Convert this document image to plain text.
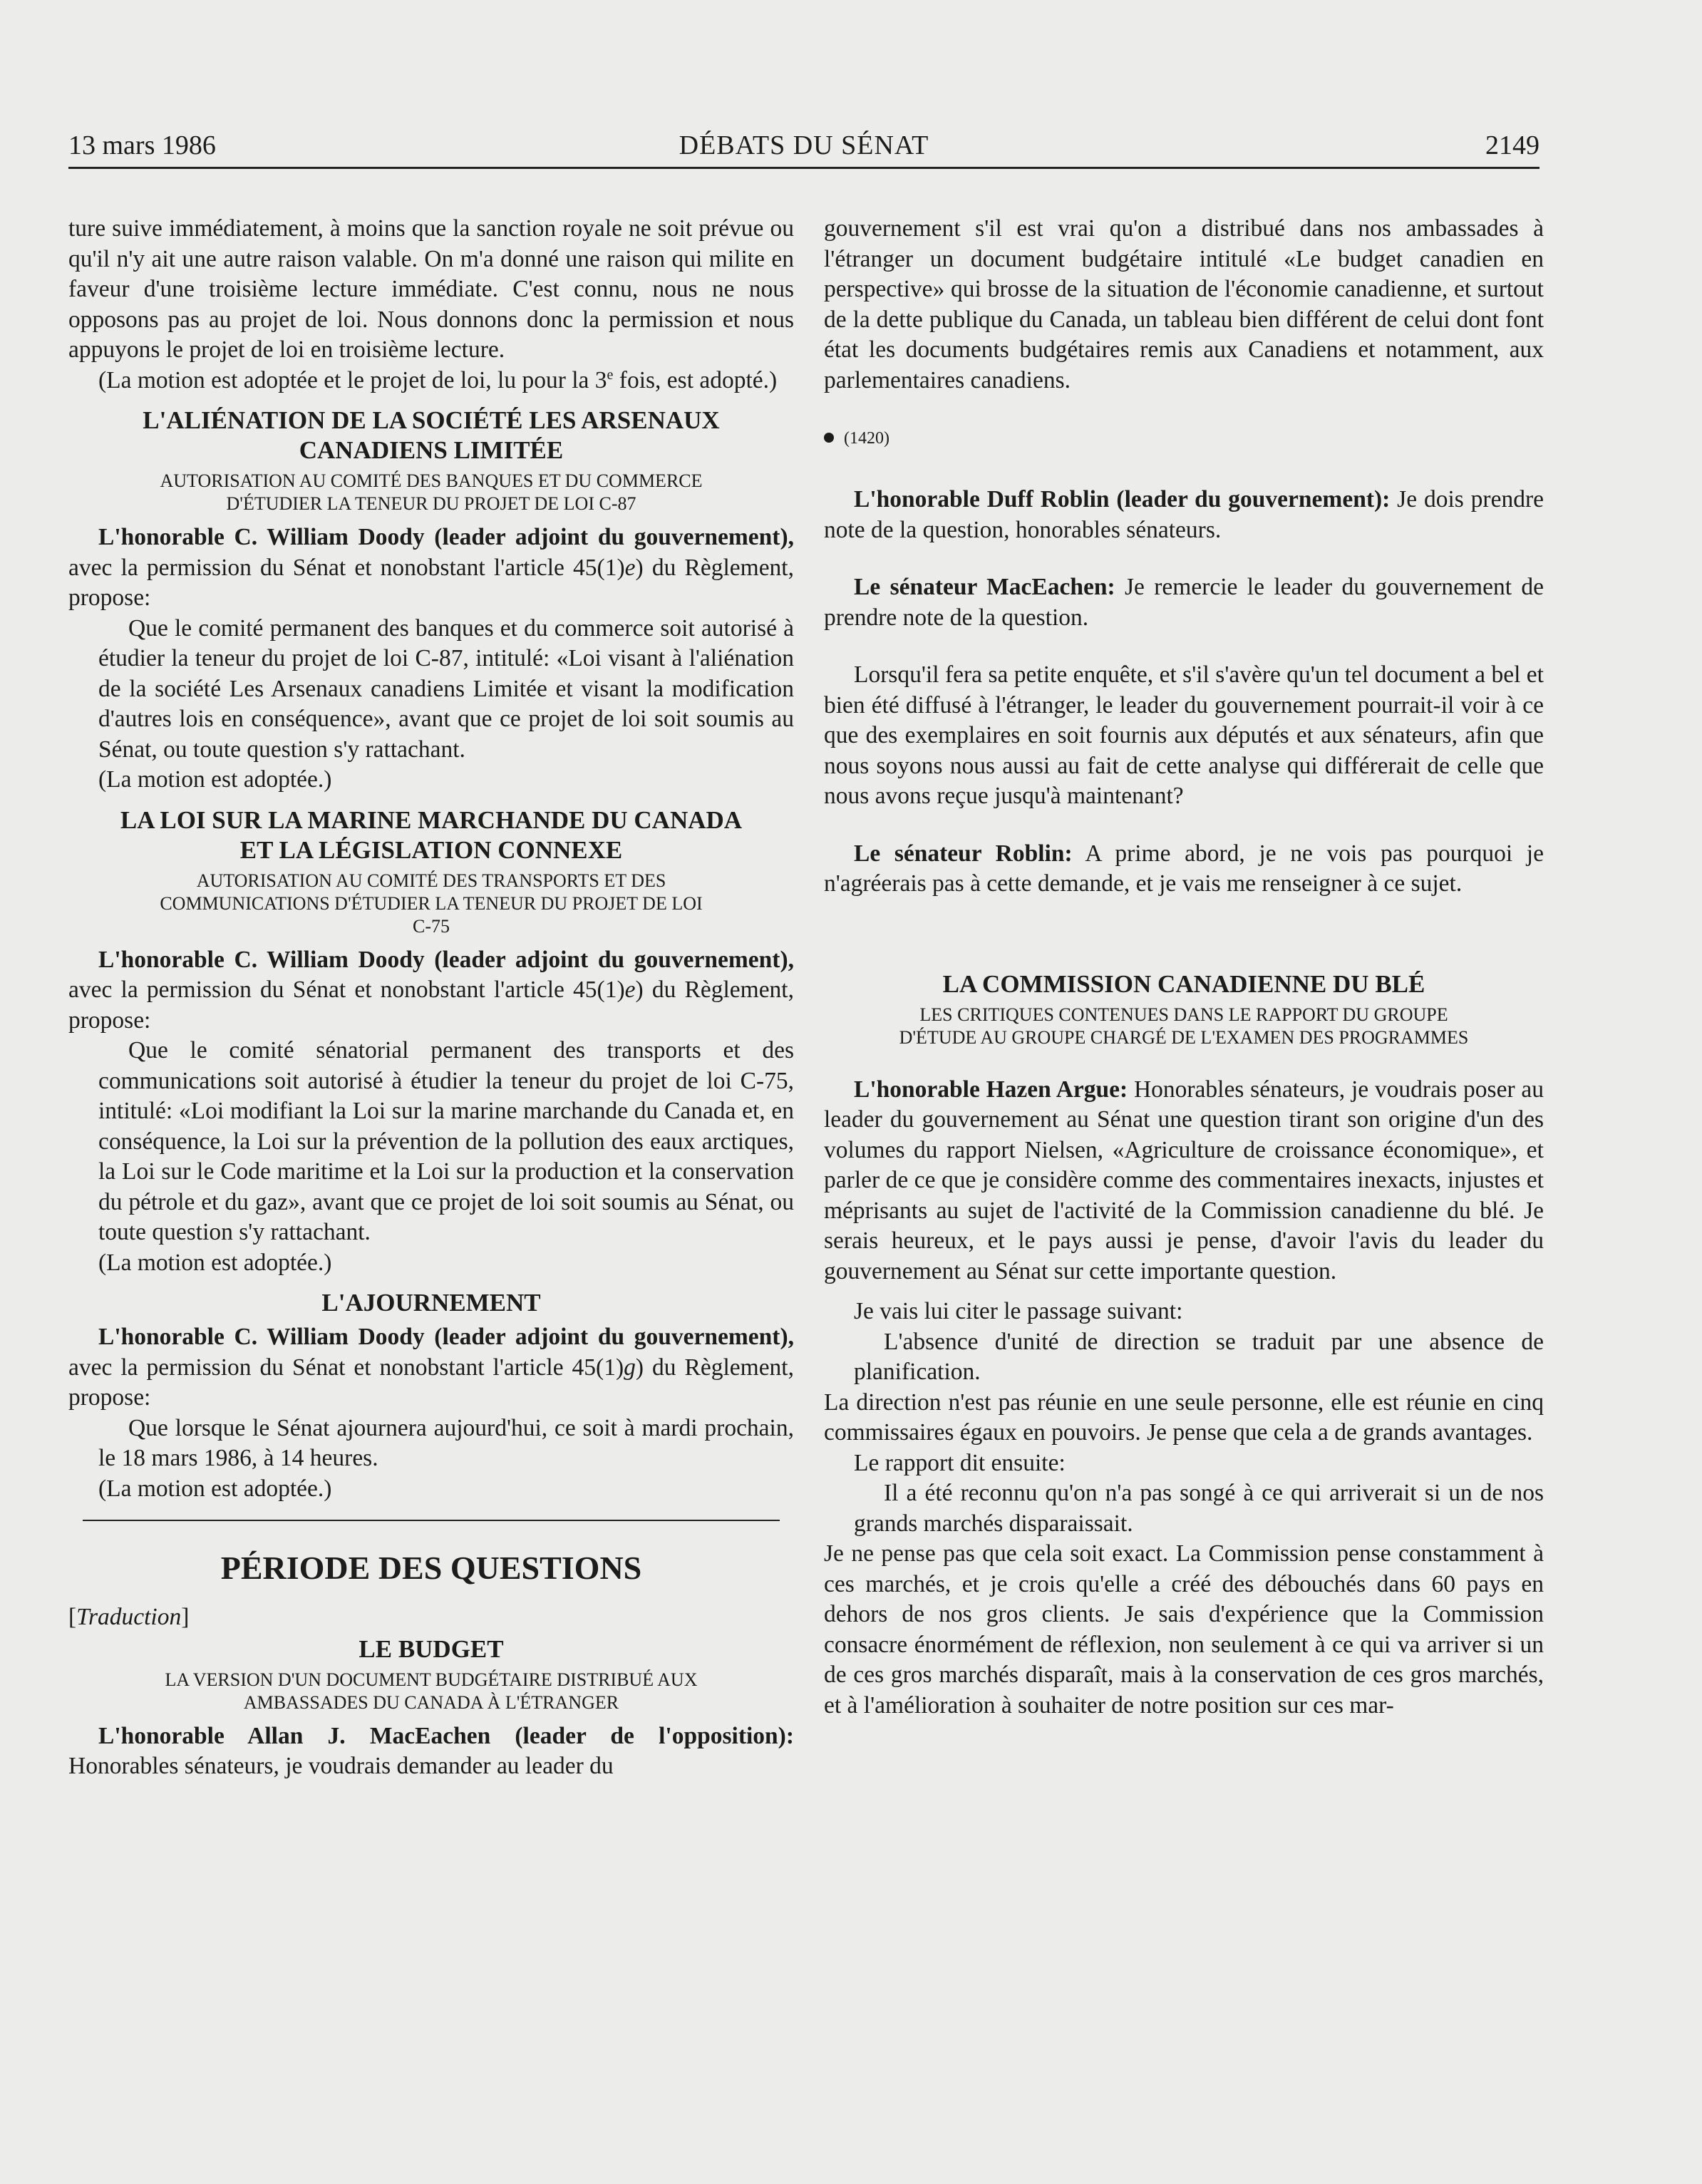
13 mars 1986	DÉBATS DU SÉNAT	2149

ture suive immédiatement, à moins que la sanction royale ne soit prévue ou qu'il n'y ait une autre raison valable. On m'a donné une raison qui milite en faveur d'une troisième lecture immédiate. C'est connu, nous ne nous opposons pas au projet de loi. Nous donnons donc la permission et nous appuyons le projet de loi en troisième lecture.

(La motion est adoptée et le projet de loi, lu pour la 3e fois, est adopté.)

L'ALIÉNATION DE LA SOCIÉTÉ LES ARSENAUX
CANADIENS LIMITÉE
AUTORISATION AU COMITÉ DES BANQUES ET DU COMMERCE
D'ÉTUDIER LA TENEUR DU PROJET DE LOI C-87

L'honorable C. William Doody (leader adjoint du gouvernement), avec la permission du Sénat et nonobstant l'article 45(1)e) du Règlement, propose:

Que le comité permanent des banques et du commerce soit autorisé à étudier la teneur du projet de loi C-87, intitulé: «Loi visant à l'aliénation de la société Les Arsenaux canadiens Limitée et visant la modification d'autres lois en conséquence», avant que ce projet de loi soit soumis au Sénat, ou toute question s'y rattachant.

(La motion est adoptée.)

LA LOI SUR LA MARINE MARCHANDE DU CANADA
ET LA LÉGISLATION CONNEXE
AUTORISATION AU COMITÉ DES TRANSPORTS ET DES
COMMUNICATIONS D'ÉTUDIER LA TENEUR DU PROJET DE LOI
C-75

L'honorable C. William Doody (leader adjoint du gouvernement), avec la permission du Sénat et nonobstant l'article 45(1)e) du Règlement, propose:

Que le comité sénatorial permanent des transports et des communications soit autorisé à étudier la teneur du projet de loi C-75, intitulé: «Loi modifiant la Loi sur la marine marchande du Canada et, en conséquence, la Loi sur la prévention de la pollution des eaux arctiques, la Loi sur le Code maritime et la Loi sur la production et la conservation du pétrole et du gaz», avant que ce projet de loi soit soumis au Sénat, ou toute question s'y rattachant.

(La motion est adoptée.)

L'AJOURNEMENT

L'honorable C. William Doody (leader adjoint du gouvernement), avec la permission du Sénat et nonobstant l'article 45(1)g) du Règlement, propose:

Que lorsque le Sénat ajournera aujourd'hui, ce soit à mardi prochain, le 18 mars 1986, à 14 heures.

(La motion est adoptée.)

PÉRIODE DES QUESTIONS

[Traduction]

LE BUDGET
LA VERSION D'UN DOCUMENT BUDGÉTAIRE DISTRIBUÉ AUX
AMBASSADES DU CANADA À L'ÉTRANGER

L'honorable Allan J. MacEachen (leader de l'opposition): Honorables sénateurs, je voudrais demander au leader du

gouvernement s'il est vrai qu'on a distribué dans nos ambassades à l'étranger un document budgétaire intitulé «Le budget canadien en perspective» qui brosse de la situation de l'économie canadienne, et surtout de la dette publique du Canada, un tableau bien différent de celui dont font état les documents budgétaires remis aux Canadiens et notamment, aux parlementaires canadiens.

(1420)

L'honorable Duff Roblin (leader du gouvernement): Je dois prendre note de la question, honorables sénateurs.

Le sénateur MacEachen: Je remercie le leader du gouvernement de prendre note de la question.

Lorsqu'il fera sa petite enquête, et s'il s'avère qu'un tel document a bel et bien été diffusé à l'étranger, le leader du gouvernement pourrait-il voir à ce que des exemplaires en soit fournis aux députés et aux sénateurs, afin que nous soyons nous aussi au fait de cette analyse qui différerait de celle que nous avons reçue jusqu'à maintenant?

Le sénateur Roblin: A prime abord, je ne vois pas pourquoi je n'agréerais pas à cette demande, et je vais me renseigner à ce sujet.

LA COMMISSION CANADIENNE DU BLÉ
LES CRITIQUES CONTENUES DANS LE RAPPORT DU GROUPE
D'ÉTUDE AU GROUPE CHARGÉ DE L'EXAMEN DES PROGRAMMES

L'honorable Hazen Argue: Honorables sénateurs, je voudrais poser au leader du gouvernement au Sénat une question tirant son origine d'un des volumes du rapport Nielsen, «Agriculture de croissance économique», et parler de ce que je considère comme des commentaires inexacts, injustes et méprisants au sujet de l'activité de la Commission canadienne du blé. Je serais heureux, et le pays aussi je pense, d'avoir l'avis du leader du gouvernement au Sénat sur cette importante question.

Je vais lui citer le passage suivant:

L'absence d'unité de direction se traduit par une absence de planification.

La direction n'est pas réunie en une seule personne, elle est réunie en cinq commissaires égaux en pouvoirs. Je pense que cela a de grands avantages.

Le rapport dit ensuite:

Il a été reconnu qu'on n'a pas songé à ce qui arriverait si un de nos grands marchés disparaissait.

Je ne pense pas que cela soit exact. La Commission pense constamment à ces marchés, et je crois qu'elle a créé des débouchés dans 60 pays en dehors de nos gros clients. Je sais d'expérience que la Commission consacre énormément de réflexion, non seulement à ce qui va arriver si un de ces gros marchés disparaît, mais à la conservation de ces gros marchés, et à l'amélioration à souhaiter de notre position sur ces mar-
